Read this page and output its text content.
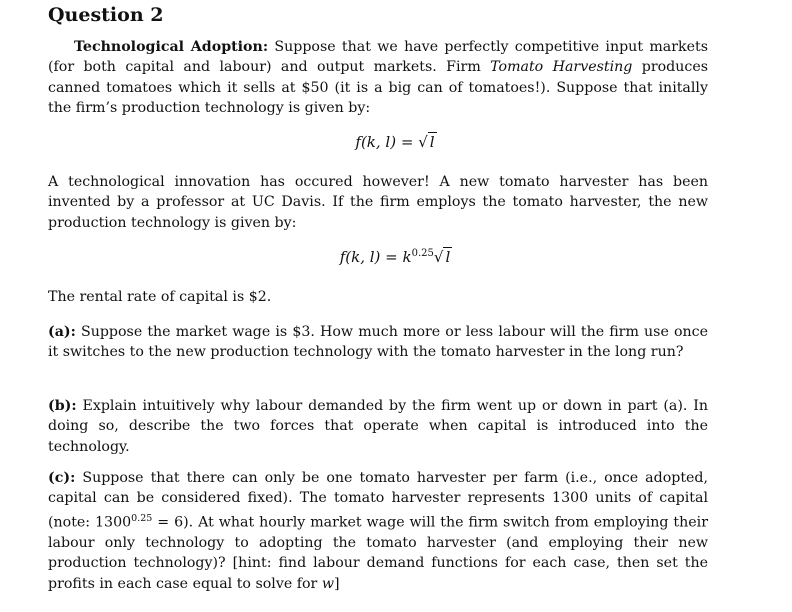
Question 2
Technological Adoption: Suppose that we have perfectly competitive input markets (for both capital and labour) and output markets. Firm Tomato Harvesting produces canned tomatoes which it sells at $50 (it is a big can of tomatoes!). Suppose that initally the firm’s production technology is given by:
f(k, l) = √ l
A technological innovation has occured however! A new tomato harvester has been invented by a professor at UC Davis. If the firm employs the tomato harvester, the new production technology is given by:
f(k, $l) = k^{0.25}√$ l
The rental rate of capital is $2.
(a): Suppose the market wage is $3. How much more or less labour will the firm use once it switches to the new production technology with the tomato harvester in the long run?
(b): Explain intuitively why labour demanded by the firm went up or down in part (a). In doing so, describe the two forces that operate when capital is introduced into the technology.
(c): Suppose that there can only be one tomato harvester per farm (i.e., once adopted, capital can be considered fixed). The tomato harvester represents 1300 units of capital (note: $1300^{0.25} = 6$). At what hourly market wage will the firm switch from employing their labour only technology to adopting the tomato harvester (and employing their new production technology)? [hint: find labour demand functions for each case, then set the profits in each case equal to solve for w]
